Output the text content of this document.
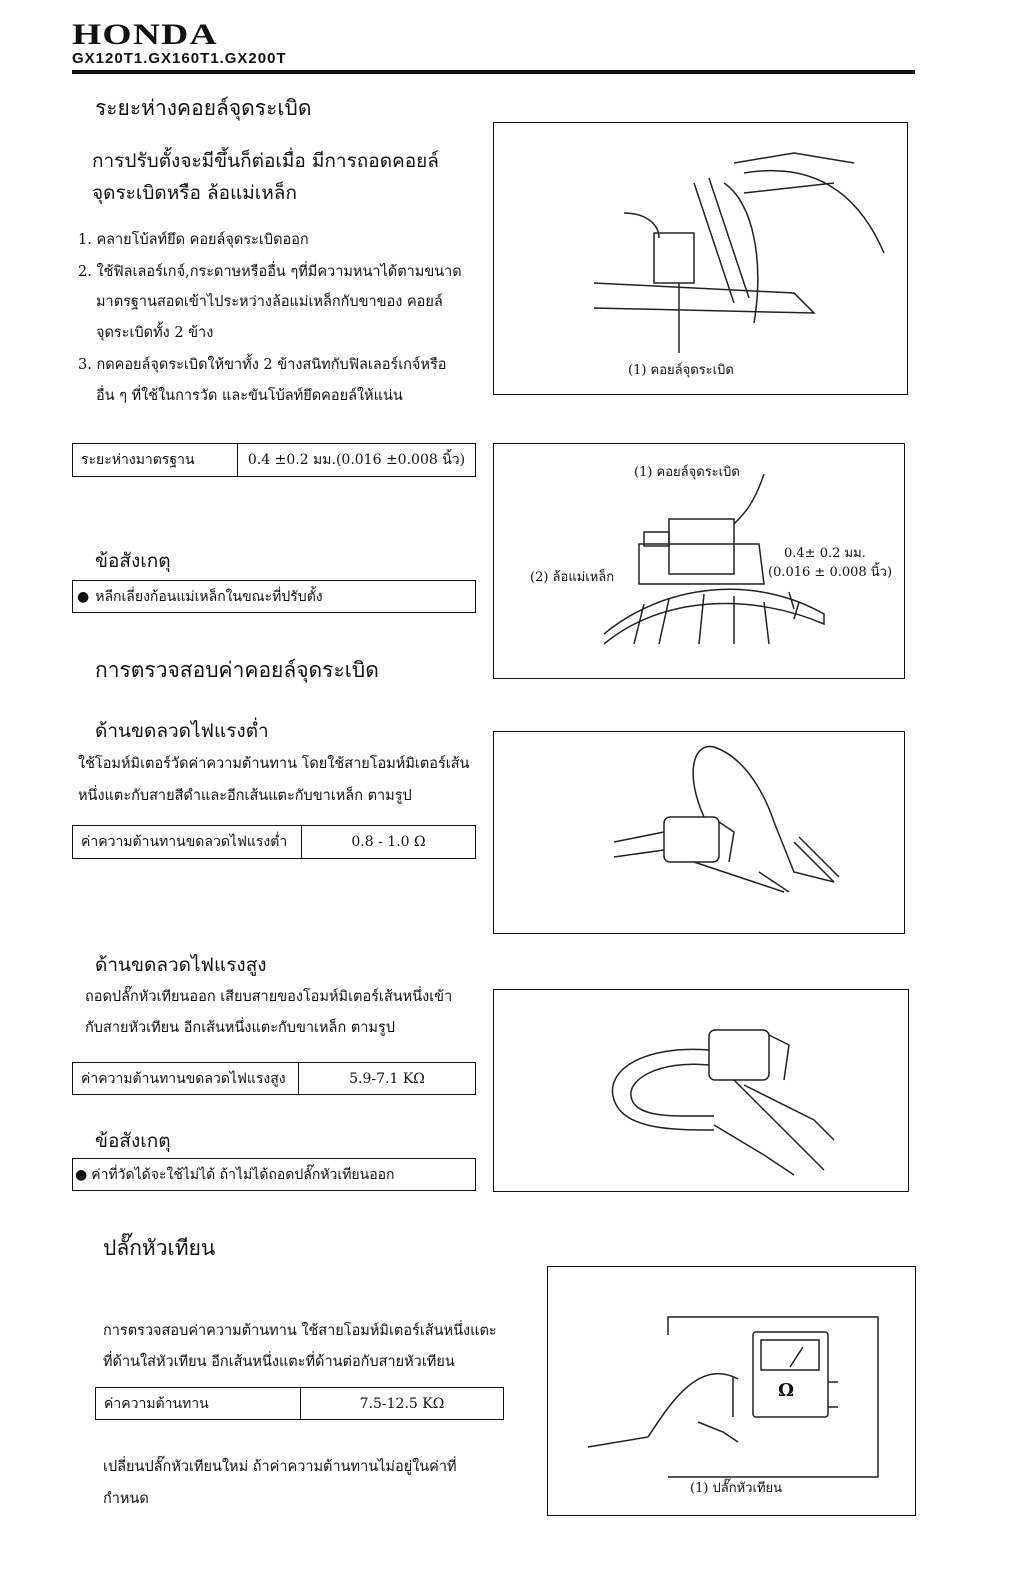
HONDA
GX120T1.GX160T1.GX200T
ระยะห่างคอยล์จุดระเบิด
การปรับตั้งจะมีขึ้นก็ต่อเมื่อ มีการถอดคอยล์
จุดระเบิดหรือ ล้อแม่เหล็ก
1. คลายโบ้ลท์ยึด คอยล์จุดระเบิดออก
2. ใช้ฟิลเลอร์เกจ์,กระดาษหรืออื่น ๆที่มีความหนาได้ตามขนาด
มาตรฐานสอดเข้าไประหว่างล้อแม่เหล็กกับขาของ คอยล์
จุดระเบิดทั้ง 2 ข้าง
3. กดคอยล์จุดระเบิดให้ขาทั้ง 2 ข้างสนิทกับฟิลเลอร์เกจ์หรือ
อื่น ๆ ที่ใช้ในการวัด และขันโบ้ลท์ยึดคอยล์ให้แน่น
ระยะห่างมาตรฐาน	0.4 ±0.2 มม.(0.016 ±0.008 นิ้ว)
ข้อสังเกตุ
● หลีกเลี่ยงก้อนแม่เหล็กในขณะที่ปรับตั้ง
การตรวจสอบค่าคอยล์จุดระเบิด
ด้านขดลวดไฟแรงต่ำ
ใช้โอมห์มิเตอร์วัดค่าความต้านทาน โดยใช้สายโอมห์มิเตอร์เส้น
หนึ่งแตะกับสายสีดำและอีกเส้นแตะกับขาเหล็ก ตามรูป
ค่าความต้านทานขดลวดไฟแรงต่ำ	0.8 - 1.0 Ω
ด้านขดลวดไฟแรงสูง
ถอดปลั๊กหัวเทียนออก เสียบสายของโอมห์มิเตอร์เส้นหนึ่งเข้า
กับสายหัวเทียน อีกเส้นหนึ่งแตะกับขาเหล็ก ตามรูป
ค่าความต้านทานขดลวดไฟแรงสูง	5.9-7.1 KΩ
ข้อสังเกตุ
● ค่าที่วัดได้จะใช้ไม่ได้ ถ้าไม่ได้ถอดปลั๊กหัวเทียนออก
ปลั๊กหัวเทียน
การตรวจสอบค่าความต้านทาน ใช้สายโอมห์มิเตอร์เส้นหนึ่งแตะ
ที่ด้านใส่หัวเทียน อีกเส้นหนึ่งแตะที่ด้านต่อกับสายหัวเทียน
ค่าความต้านทาน	7.5-12.5 KΩ
เปลี่ยนปลั๊กหัวเทียนใหม่ ถ้าค่าความต้านทานไม่อยู่ในค่าที่
กำหนด
(1) คอยล์จุดระเบิด
(1) คอยล์จุดระเบิด
(2) ล้อแม่เหล็ก
0.4± 0.2 มม.
(0.016 ± 0.008 นิ้ว)
Ω
(1) ปลั๊กหัวเทียน
